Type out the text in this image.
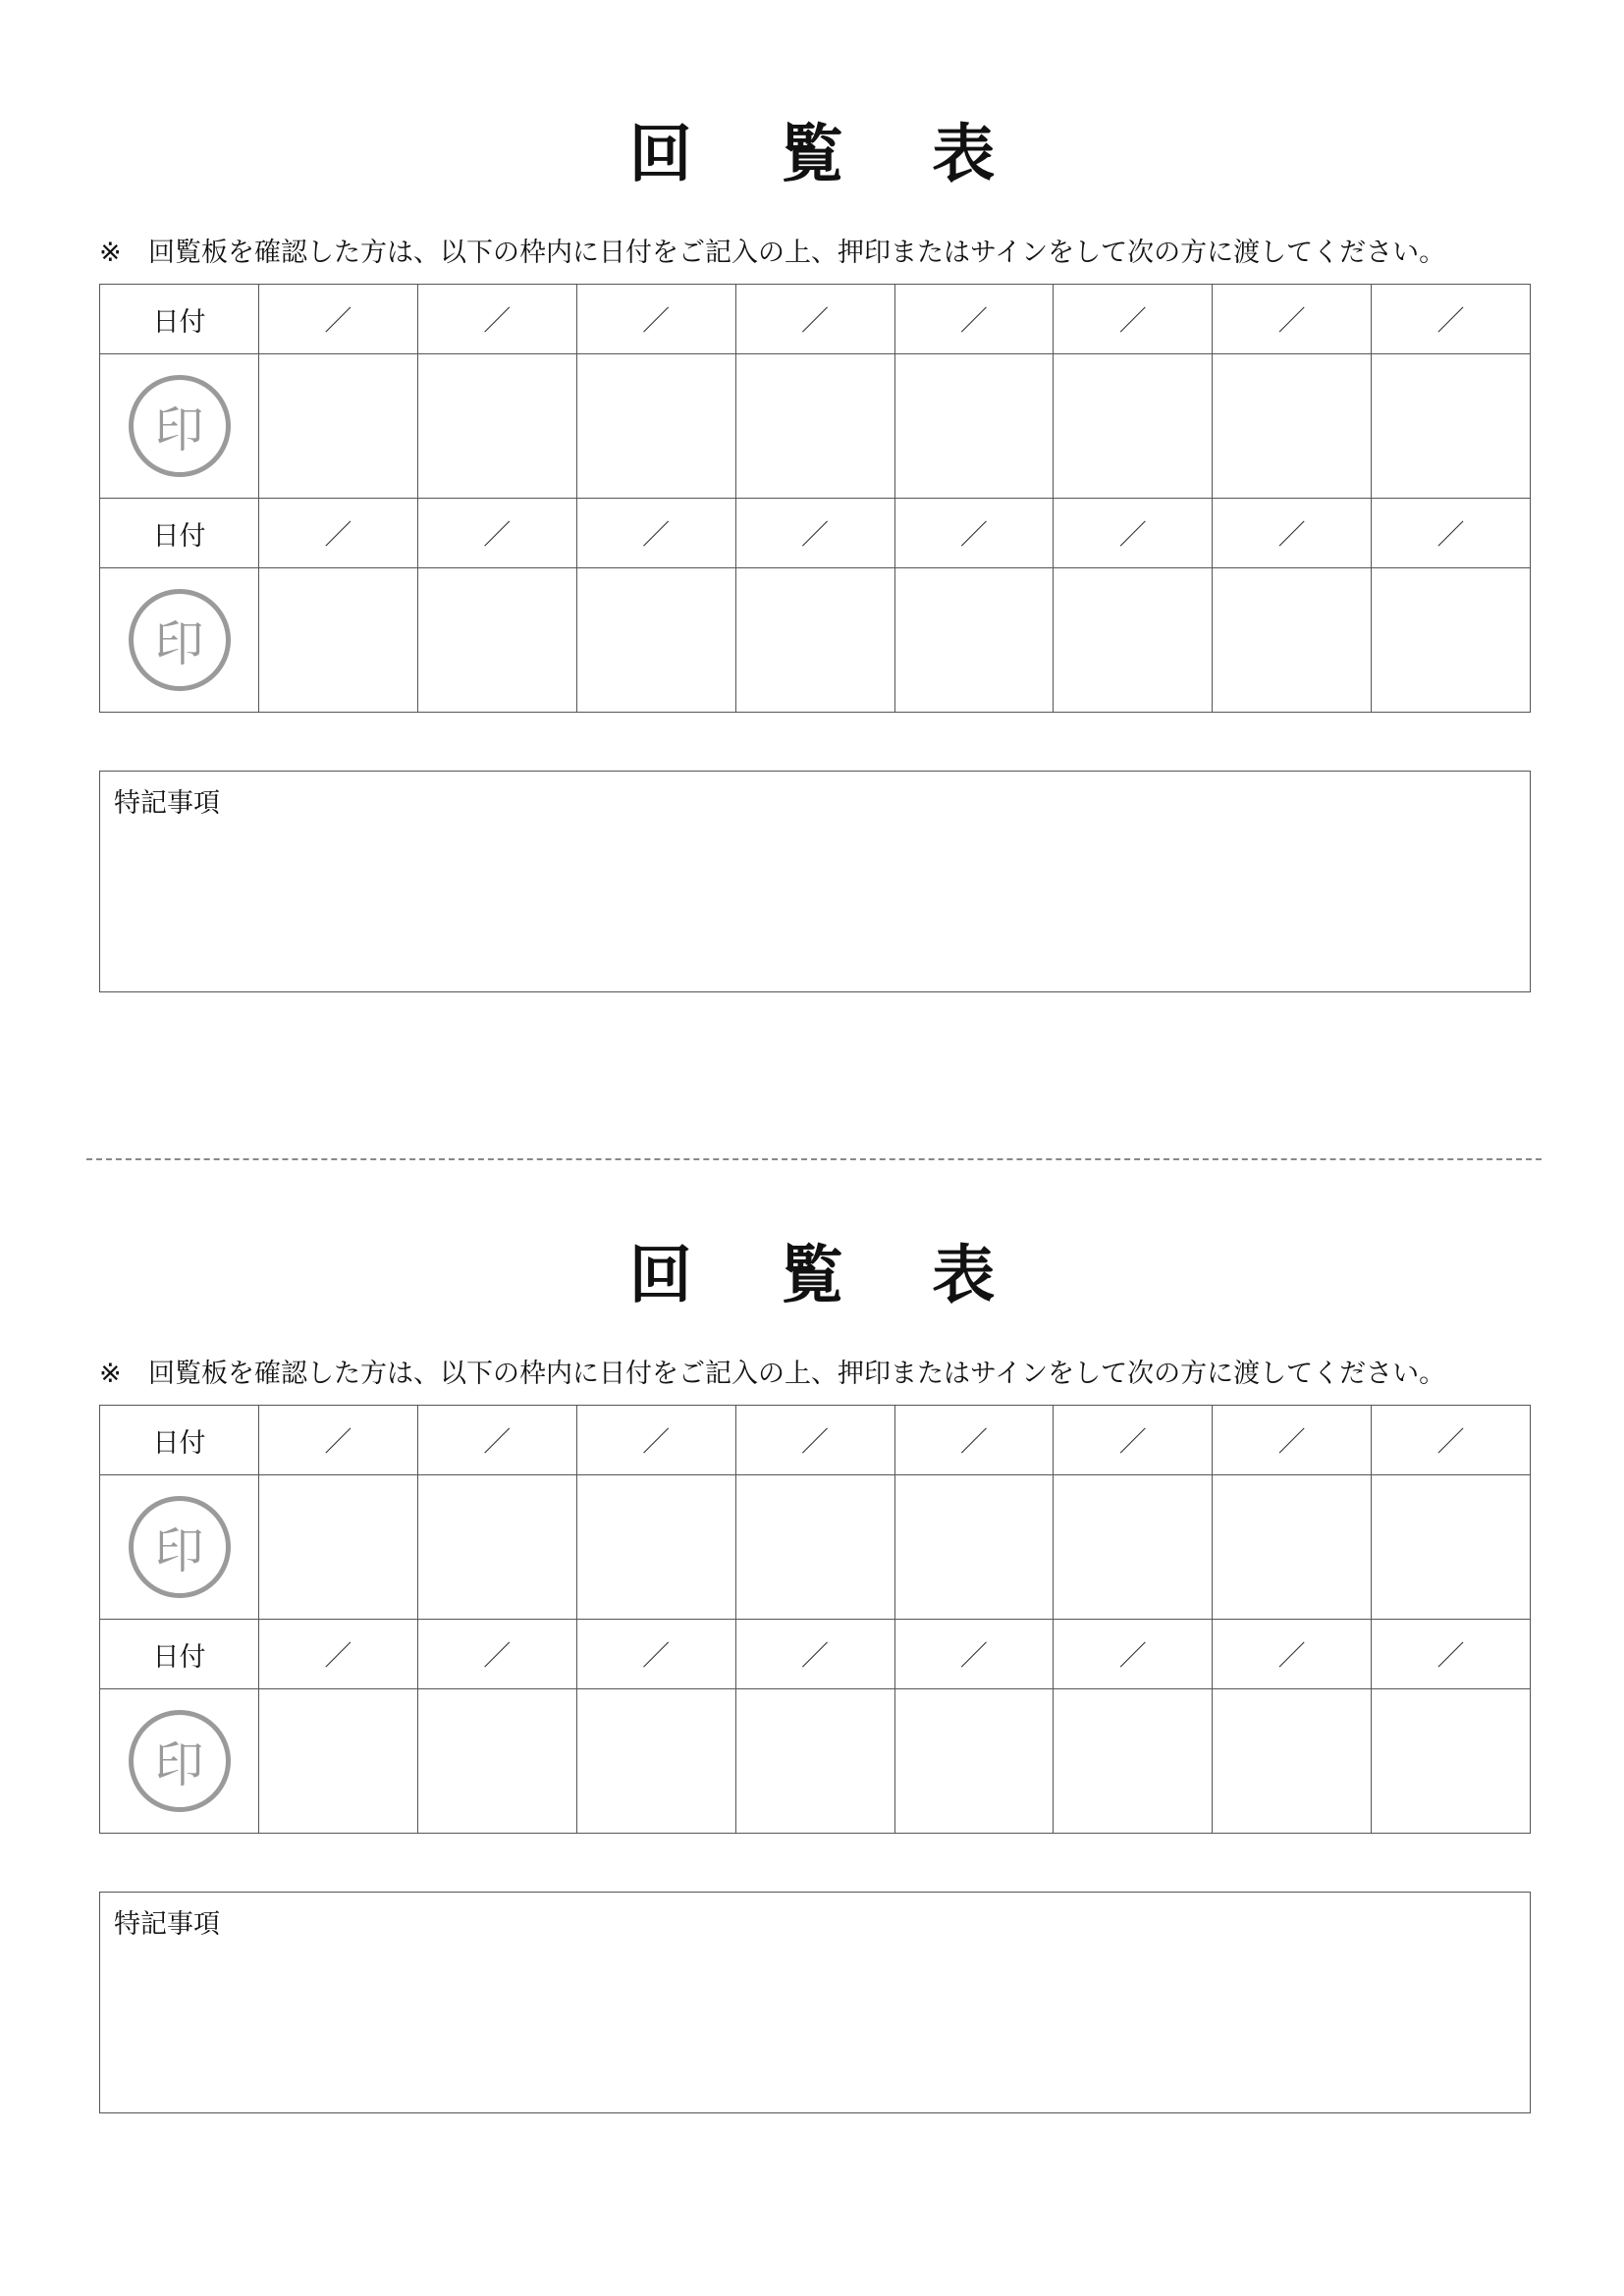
回 覧 表
※ 回覧板を確認した方は、以下の枠内に日付をご記入の上、押印またはサインをして次の方に渡してください。
日付	／	／	／	／	／	／	／	／

印								

日付	／	／	／	／	／	／	／	／

印								

特記事項
回 覧 表
※ 回覧板を確認した方は、以下の枠内に日付をご記入の上、押印またはサインをして次の方に渡してください。
日付	／	／	／	／	／	／	／	／

印								

日付	／	／	／	／	／	／	／	／

印								

特記事項
